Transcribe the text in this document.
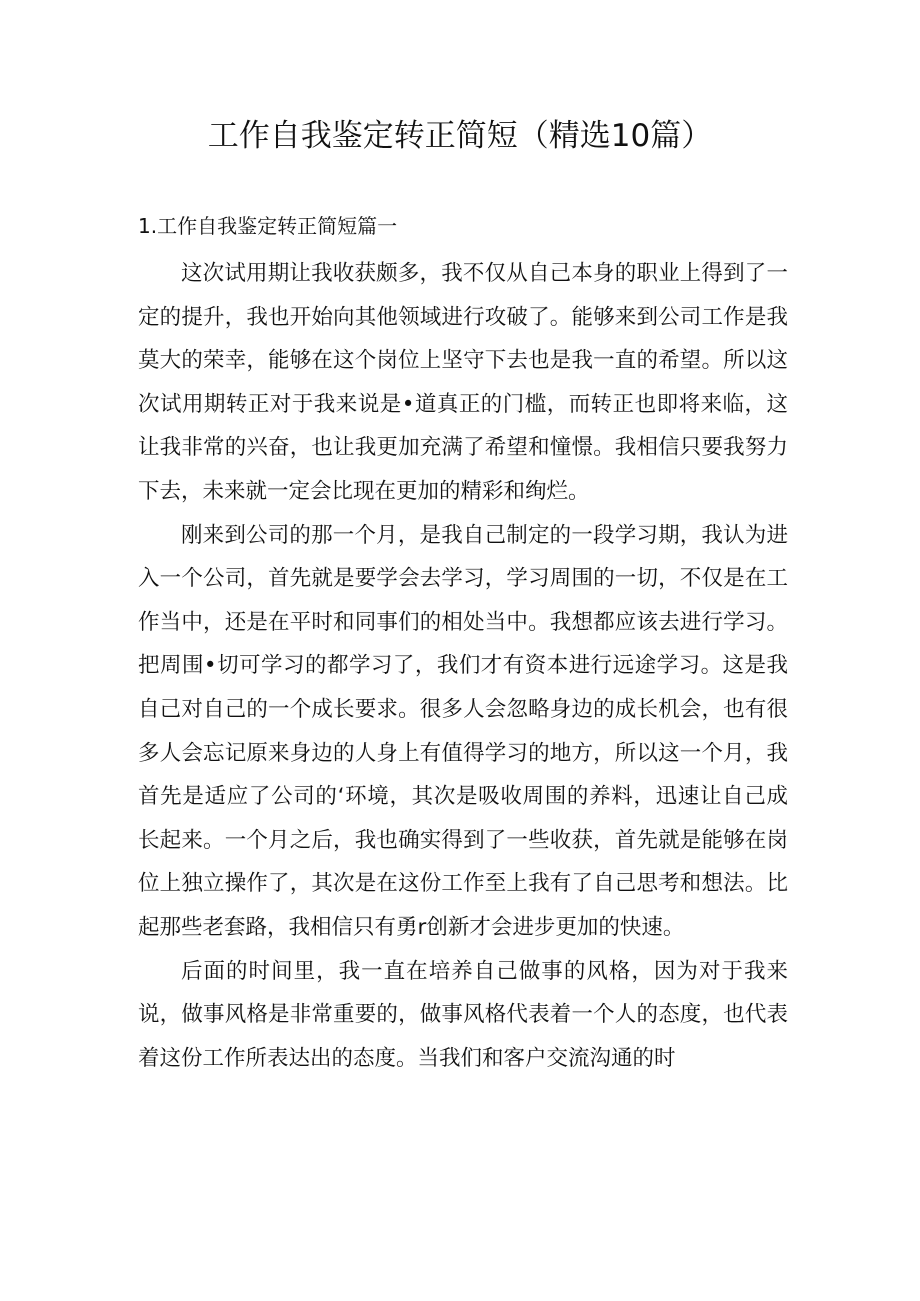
工作自我鉴定转正简短（精选10篇）
1.工作自我鉴定转正简短篇一

这次试用期让我收获颇多，我不仅从自己本身的职业上得到了一定的提升，我也开始向其他领域进行攻破了。能够来到公司工作是我莫大的荣幸，能够在这个岗位上坚守下去也是我一直的希望。所以这次试用期转正对于我来说是•道真正的门槛，而转正也即将来临，这让我非常的兴奋，也让我更加充满了希望和憧憬。我相信只要我努力下去，未来就一定会比现在更加的精彩和绚烂。

刚来到公司的那一个月，是我自己制定的一段学习期，我认为进入一个公司，首先就是要学会去学习，学习周围的一切，不仅是在工作当中，还是在平时和同事们的相处当中。我想都应该去进行学习。把周围•切可学习的都学习了，我们才有资本进行远途学习。这是我自己对自己的一个成长要求。很多人会忽略身边的成长机会，也有很多人会忘记原来身边的人身上有值得学习的地方，所以这一个月，我首先是适应了公司的‘环境，其次是吸收周围的养料，迅速让自己成长起来。一个月之后，我也确实得到了一些收获，首先就是能够在岗位上独立操作了，其次是在这份工作至上我有了自己思考和想法。比起那些老套路，我相信只有勇r创新才会进步更加的快速。

后面的时间里，我一直在培养自己做事的风格，因为对于我来说，做事风格是非常重要的，做事风格代表着一个人的态度，也代表着这份工作所表达出的态度。当我们和客户交流沟通的时
